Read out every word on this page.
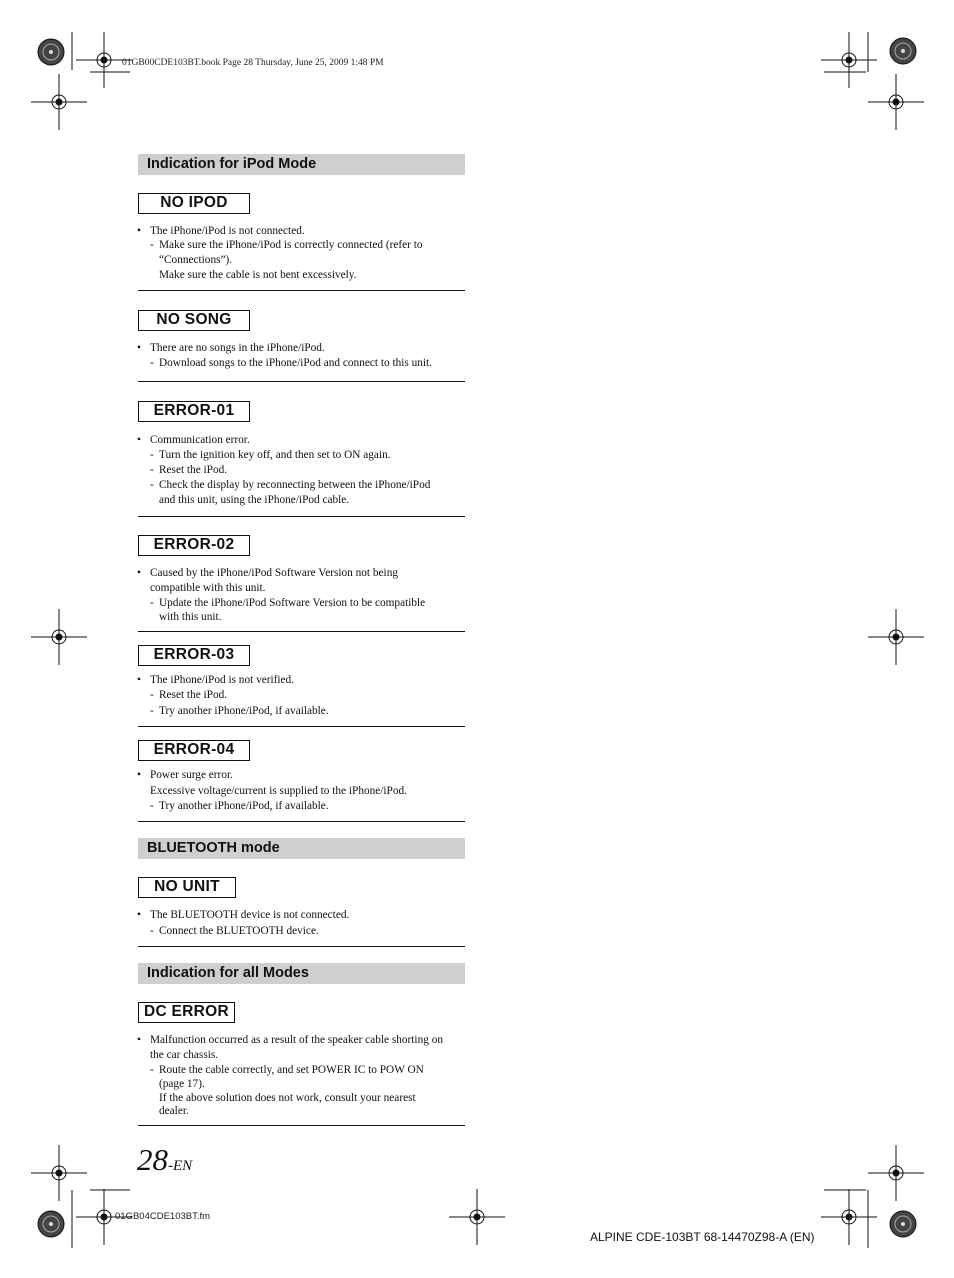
01GB00CDE103BT.book Page 28 Thursday, June 25, 2009 1:48 PM
Indication for iPod Mode
NO IPOD
• The iPhone/iPod is not connected.
- Make sure the iPhone/iPod is correctly connected (refer to
“Connections”).
Make sure the cable is not bent excessively.
NO SONG
• There are no songs in the iPhone/iPod.
- Download songs to the iPhone/iPod and connect to this unit.
ERROR-01
• Communication error.
- Turn the ignition key off, and then set to ON again.
- Reset the iPod.
- Check the display by reconnecting between the iPhone/iPod
and this unit, using the iPhone/iPod cable.
ERROR-02
• Caused by the iPhone/iPod Software Version not being
compatible with this unit.
- Update the iPhone/iPod Software Version to be compatible
with this unit.
ERROR-03
• The iPhone/iPod is not verified.
- Reset the iPod.
- Try another iPhone/iPod, if available.
ERROR-04
• Power surge error.
Excessive voltage/current is supplied to the iPhone/iPod.
- Try another iPhone/iPod, if available.
BLUETOOTH mode
NO UNIT
• The BLUETOOTH device is not connected.
- Connect the BLUETOOTH device.
Indication for all Modes
DC ERROR
• Malfunction occurred as a result of the speaker cable shorting on
the car chassis.
- Route the cable correctly, and set POWER IC to POW ON
(page 17).
If the above solution does not work, consult your nearest
dealer.
28-EN
01GB04CDE103BT.fm
ALPINE CDE-103BT 68-14470Z98-A (EN)
